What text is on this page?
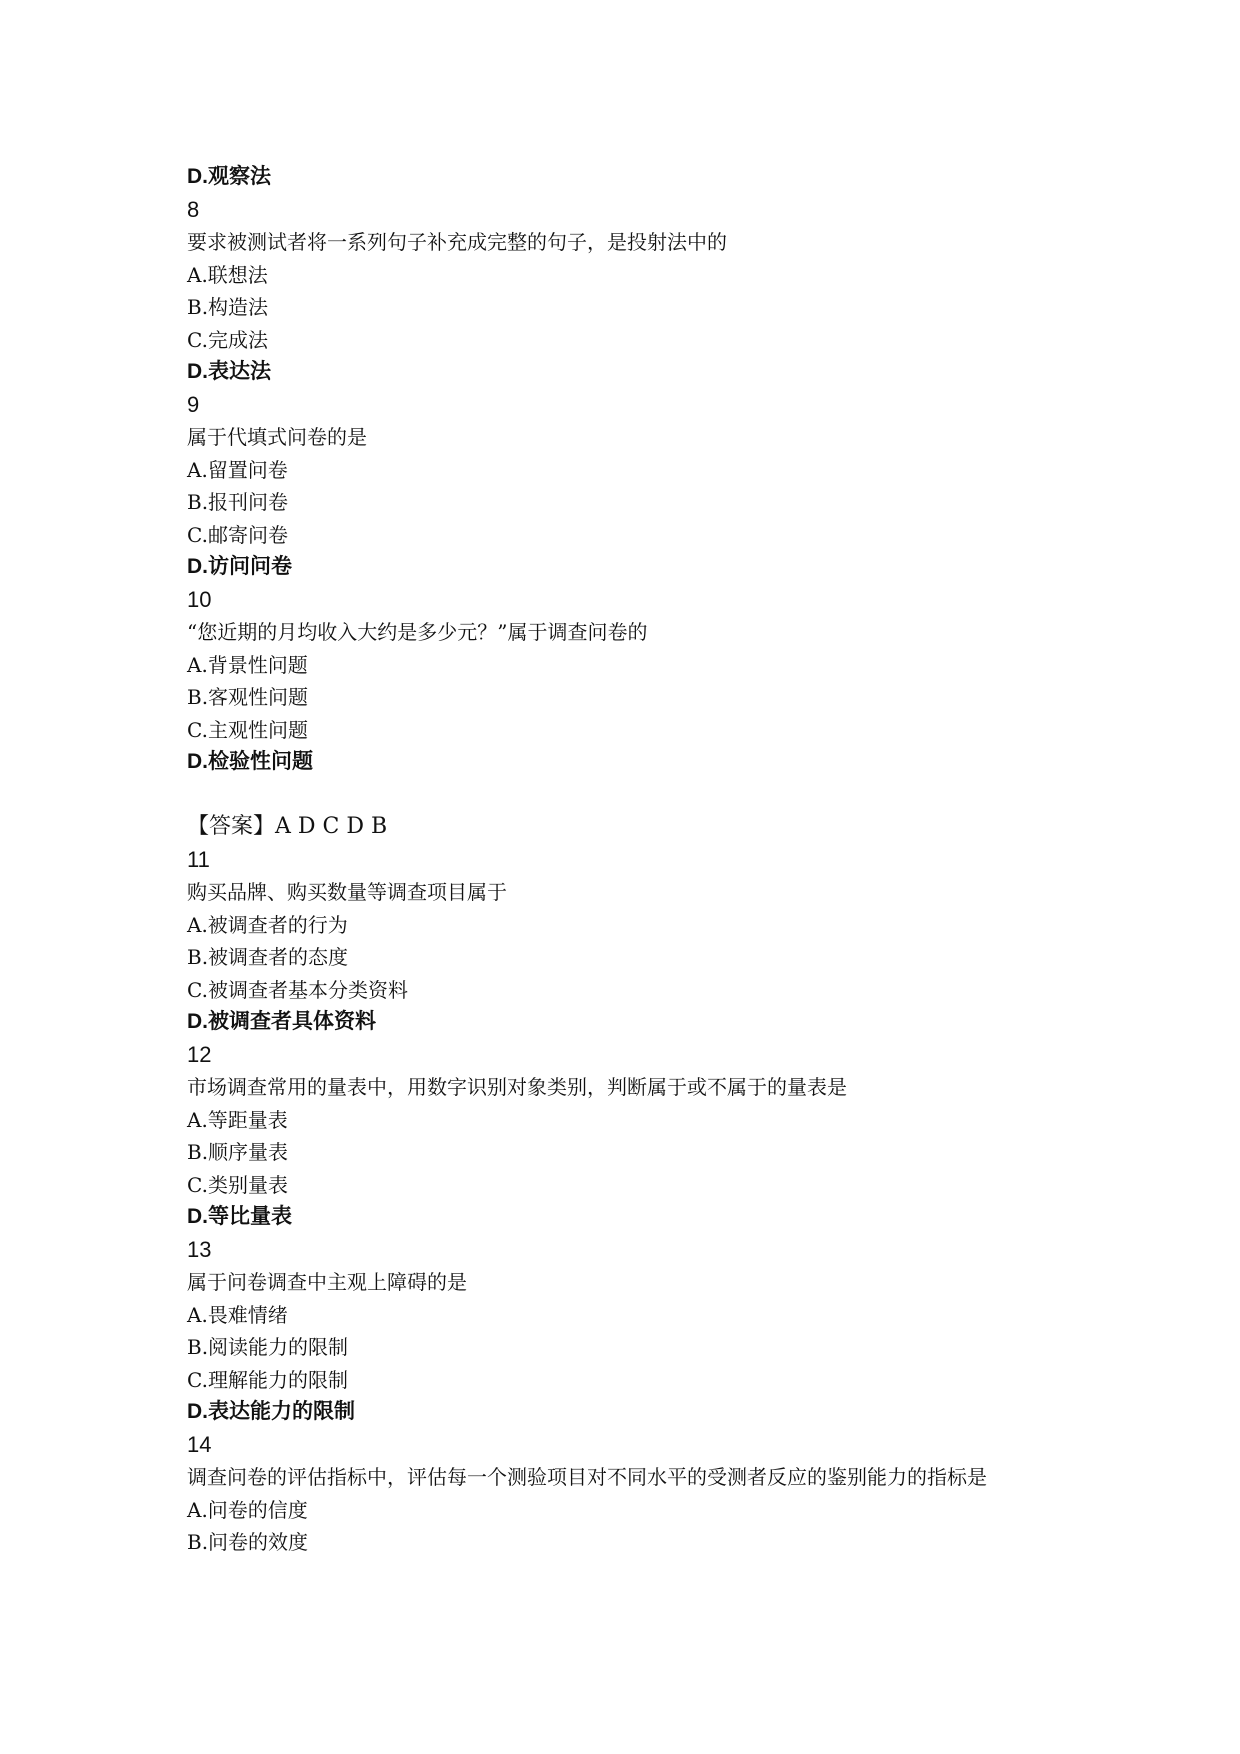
D.观察法
8
要求被测试者将一系列句子补充成完整的句子，是投射法中的
A.联想法
B.构造法
C.完成法
D.表达法
9
属于代填式问卷的是
A.留置问卷
B.报刊问卷
C.邮寄问卷
D.访问问卷
10
“您近期的月均收入大约是多少元？”属于调查问卷的
A.背景性问题
B.客观性问题
C.主观性问题
D.检验性问题
【答案】A D C D B
11
购买品牌、购买数量等调查项目属于
A.被调查者的行为
B.被调查者的态度
C.被调查者基本分类资料
D.被调查者具体资料
12
市场调查常用的量表中，用数字识别对象类别，判断属于或不属于的量表是
A.等距量表
B.顺序量表
C.类别量表
D.等比量表
13
属于问卷调查中主观上障碍的是
A.畏难情绪
B.阅读能力的限制
C.理解能力的限制
D.表达能力的限制
14
调查问卷的评估指标中，评估每一个测验项目对不同水平的受测者反应的鉴别能力的指标是
A.问卷的信度
B.问卷的效度
